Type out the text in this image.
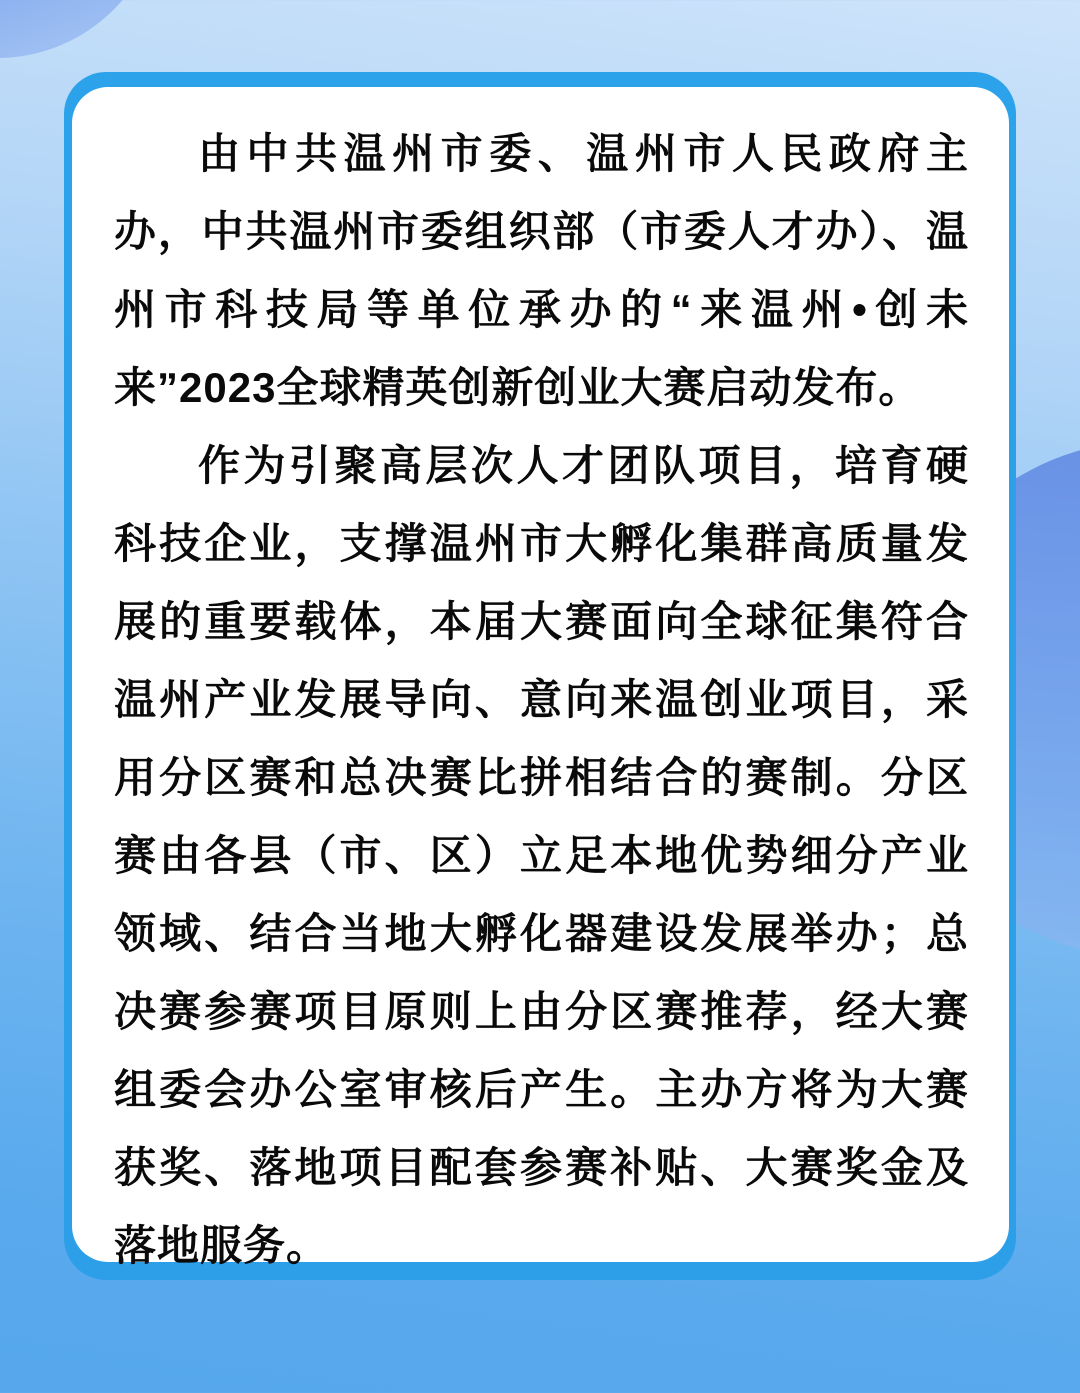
由中共温州市委、温州市人民政府主办，中共温州市委组织部（市委人才办）、温州市科技局等单位承办的“来温州•创未来”2023全球精英创新创业大赛启动发布。

作为引聚高层次人才团队项目，培育硬科技企业，支撑温州市大孵化集群高质量发展的重要载体，本届大赛面向全球征集符合温州产业发展导向、意向来温创业项目，采用分区赛和总决赛比拼相结合的赛制。分区赛由各县（市、区）立足本地优势细分产业领域、结合当地大孵化器建设发展举办；总决赛参赛项目原则上由分区赛推荐，经大赛组委会办公室审核后产生。主办方将为大赛获奖、落地项目配套参赛补贴、大赛奖金及落地服务。
